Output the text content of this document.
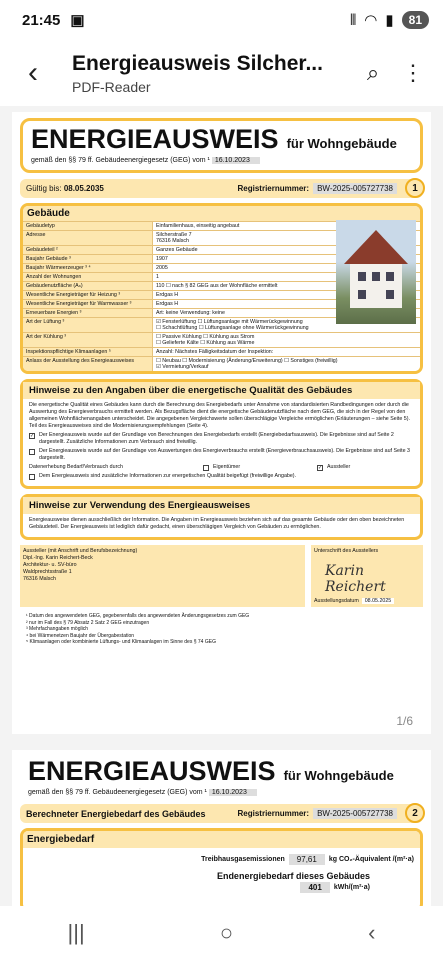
21:45 ▣	⫴ ◠ ▮	81
‹	Energieausweis Silcher...
PDF-Reader
⌕	⋮
ENERGIEAUSWEIS für Wohngebäude
gemäß den §§ 79 ff. Gebäudeenergiegesetz (GEG) vom ¹ 16.10.2023
Gültig bis:
08.05.2035	Registriernummer:	BW-2025-005727738	1
Gebäude
Gebäudetyp	Einfamilienhaus, einseitig angebaut
Adresse	Silcherstraße 7
76316 Malsch
Gebäudeteil ²	Ganzes Gebäude
Baujahr Gebäude ³	1907
Baujahr Wärmeerzeuger ³ ⁴	2005
Anzahl der Wohnungen	1
Gebäudenutzfläche (Aₙ)	110 ☐ nach § 82 GEG aus der Wohnfläche ermittelt
Wesentliche Energieträger für Heizung ³	Erdgas H
Wesentliche Energieträger für Warmwasser ³	Erdgas H
Erneuerbare Energien ³	Art: keine Verwendung: keine
Art der Lüftung ³	☑ Fensterlüftung ☐ Lüftungsanlage mit Wärmerückgewinnung
☐ Schachtlüftung ☐ Lüftungsanlage ohne Wärmerückgewinnung
Art der Kühlung ³	☐ Passive Kühlung ☐ Kühlung aus Strom
☐ Gelieferte Kälte ☐ Kühlung aus Wärme
Inspektionspflichtige Klimaanlagen ⁵	Anzahl: Nächstes Fälligkeitsdatum der Inspektion:
Anlass der Ausstellung des Energieausweises	☐ Neubau ☐ Modernisierung (Änderung/Erweiterung) ☐ Sonstiges (freiwillig)
☑ Vermietung/Verkauf
Hinweise zu den Angaben über die energetische Qualität des Gebäudes

Die energetische Qualität eines Gebäudes kann durch die Berechnung des Energiebedarfs unter Annahme von standardisierten Randbedingungen oder durch die Auswertung des Energieverbrauchs ermittelt werden. Als Bezugsfläche dient die energetische Gebäudenutzfläche nach dem GEG, die sich in der Regel von den allgemeinen Wohnflächenangaben unterscheidet. Die angegebenen Vergleichswerte sollen überschlägige Vergleiche ermöglichen (Erläuterungen – siehe Seite 5). Teil des Energieausweises sind die Modernisierungsempfehlungen (Seite 4).

✓ Der Energieausweis wurde auf der Grundlage von Berechnungen des Energiebedarfs erstellt (Energiebedarfsausweis). Die Ergebnisse sind auf Seite 2 dargestellt. Zusätzliche Informationen zum Verbrauch sind freiwillig.
Der Energieausweis wurde auf der Grundlage von Auswertungen des Energieverbrauchs erstellt (Energieverbrauchsausweis). Die Ergebnisse sind auf Seite 3 dargestellt.
Datenerhebung Bedarf/Verbrauch durch	Eigentümer	✓ Aussteller
Dem Energieausweis sind zusätzliche Informationen zur energetischen Qualität beigefügt (freiwillige Angabe).
Hinweise zur Verwendung des Energieausweises

Energieausweise dienen ausschließlich der Information. Die Angaben im Energieausweis beziehen sich auf das gesamte Gebäude oder den oben bezeichneten Gebäudeteil. Der Energieausweis ist lediglich dafür gedacht, einen überschlägigen Vergleich von Gebäuden zu ermöglichen.

Aussteller (mit Anschrift und Berufsbezeichnung)
Dipl.-Ing. Karin Reichert-Beck
Architektur- u. SV-büro
Waldprechtsstraße 1
76316 Malsch
Unterschrift des Ausstellers
Karin Reichert
Ausstellungsdatum 08.05.2025
¹ Datum des angewendeten GEG, gegebenenfalls des angewendeten Änderungsgesetzes zum GEG
² nur im Fall des § 79 Absatz 2 Satz 2 GEG einzutragen
³ Mehrfachangaben möglich
⁴ bei Wärmenetzen Baujahr der Übergabestation
⁵ Klimaanlagen oder kombinierte Lüftungs- und Klimaanlagen im Sinne des § 74 GEG
1/6
ENERGIEAUSWEIS für Wohngebäude
gemäß den §§ 79 ff. Gebäudeenergiegesetz (GEG) vom ¹ 16.10.2023
Berechneter Energiebedarf des Gebäudes	Registriernummer:	BW-2025-005727738	2
Energiebedarf
Treibhausgasemissionen	97,61	kg CO₂-Äquivalent /(m²·a)
Endenergiebedarf dieses Gebäudes
401	kWh/(m²·a)
|||	○	‹
